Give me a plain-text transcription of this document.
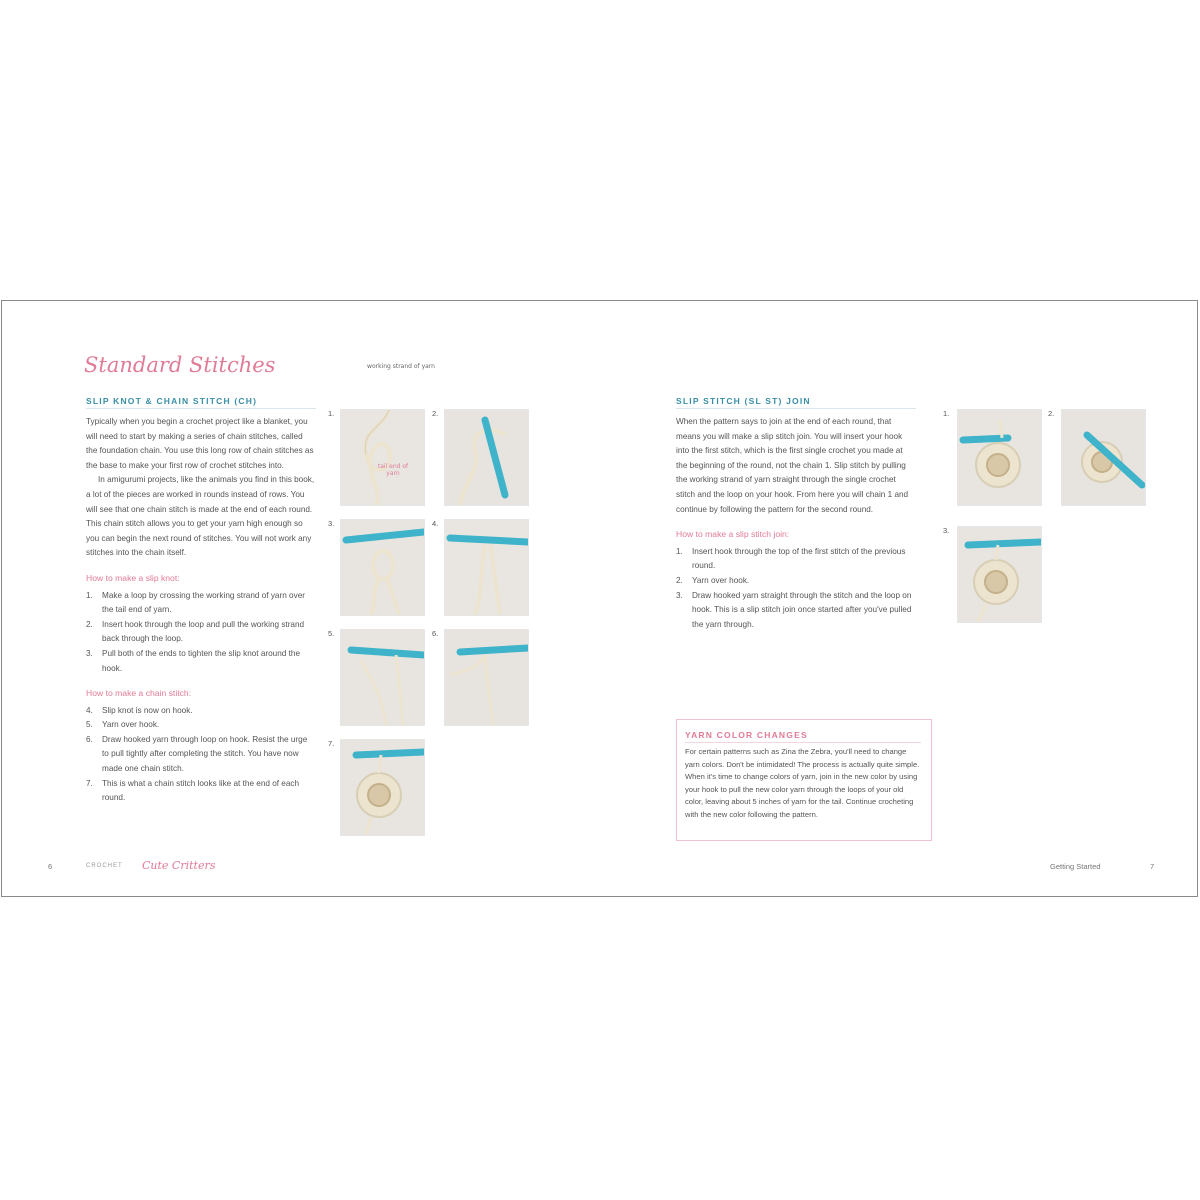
Standard Stitches
SLIP KNOT & CHAIN STITCH (CH)

Typically when you begin a crochet project like a blanket, you will need to start by making a series of chain stitches, called the foundation chain. You use this long row of chain stitches as the base to make your first row of crochet stitches into.

In amigurumi projects, like the animals you find in this book, a lot of the pieces are worked in rounds instead of rows. You will see that one chain stitch is made at the end of each round. This chain stitch allows you to get your yarn high enough so you can begin the next round of stitches. You will not work any stitches into the chain itself.

How to make a slip knot:
1. Make a loop by crossing the working strand of yarn over the tail end of yarn.
2. Insert hook through the loop and pull the working strand back through the loop.
3. Pull both of the ends to tighten the slip knot around the hook.
How to make a chain stitch:
4. Slip knot is now on hook.
5. Yarn over hook.
6. Draw hooked yarn through loop on hook. Resist the urge to pull tightly after completing the stitch. You have now made one chain stitch.
7. This is what a chain stitch looks like at the end of each round.
working strand of yarn
1.
tail end of yarn
2.
3.	4.
5.	6.
7.
6	CROCHET Cute Critters
SLIP STITCH (SL ST) JOIN

When the pattern says to join at the end of each round, that means you will make a slip stitch join. You will insert your hook into the first stitch, which is the first single crochet you made at the beginning of the round, not the chain 1. Slip stitch by pulling the working strand of yarn straight through the single crochet stitch and the loop on your hook. From here you will chain 1 and continue by following the pattern for the second round.

How to make a slip stitch join:
1. Insert hook through the top of the first stitch of the previous round.
2. Yarn over hook.
3. Draw hooked yarn straight through the stitch and the loop on hook. This is a slip stitch join once started after you've pulled the yarn through.
1.	2.
3.
YARN COLOR CHANGES
For certain patterns such as Zina the Zebra, you'll need to change yarn colors. Don't be intimidated! The process is actually quite simple. When it's time to change colors of yarn, join in the new color by using your hook to pull the new color yarn through the loops of your old color, leaving about 5 inches of yarn for the tail. Continue crocheting with the new color following the pattern.
Getting Started	7
